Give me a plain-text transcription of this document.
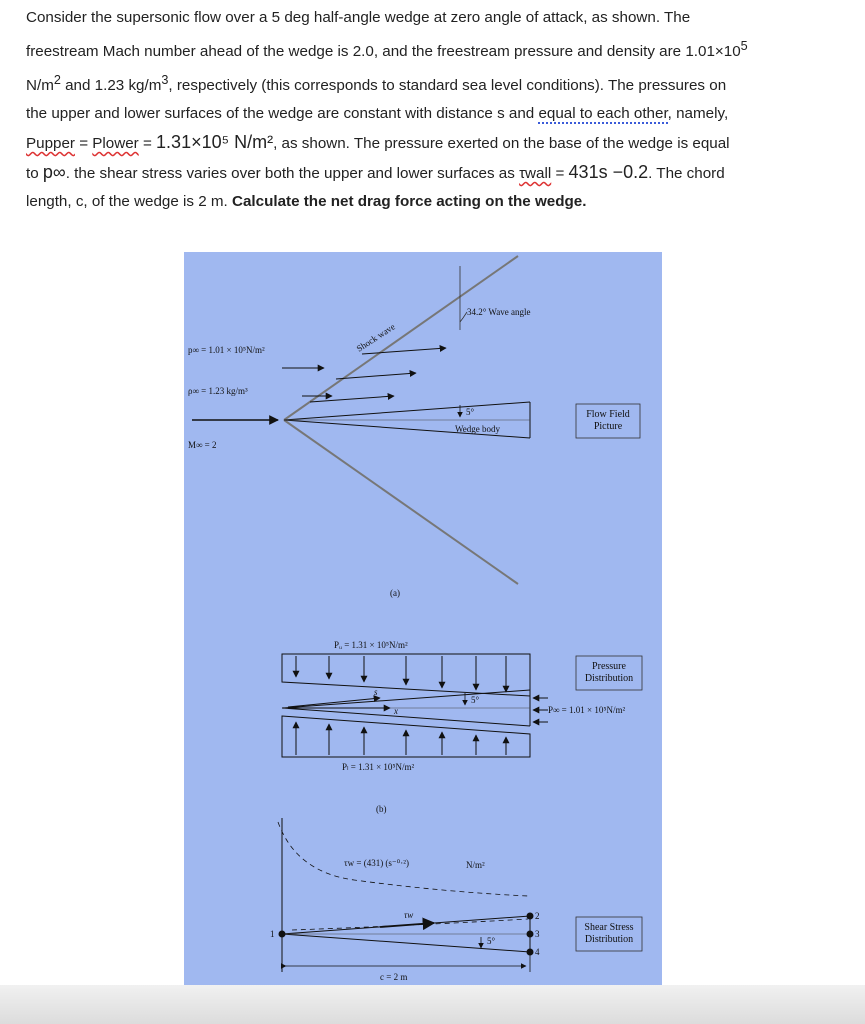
Consider the supersonic flow over a 5 deg half-angle wedge at zero angle of attack, as shown. The

freestream Mach number ahead of the wedge is 2.0, and the freestream pressure and density are $1.01\times 10^5$

$N/m^2$ and 1.23 $kg/m^3$, respectively (this corresponds to standard sea level conditions). The pressures on

the upper and lower surfaces of the wedge are constant with distance s and equal to each other, namely,

Pupper = Plower = 1.31×10⁵ N/m², as shown. The pressure exerted on the base of the wedge is equal

to p∞. the shear stress varies over both the upper and lower surfaces as τwall = 431s −0.2. The chord

length, c, of the wedge is 2 m. Calculate the net drag force acting on the wedge.

p∞ = 1.01 × 10⁵N/m²
ρ∞ = 1.23 kg/m³
M∞ = 2
Shock wave
34.2° Wave angle
5°
Wedge body
Flow Field
Picture
(a)
Pᵤ = 1.31 × 10⁵N/m²
Pₗ = 1.31 × 10⁵N/m²
s
x
5°
P∞ = 1.01 × 10⁵N/m²
Pressure
Distribution
(b)
τw = (431) (s⁻⁰·²)	N/m²
τw
5°
c = 2 m
1
2
3
4
Shear Stress
Distribution
